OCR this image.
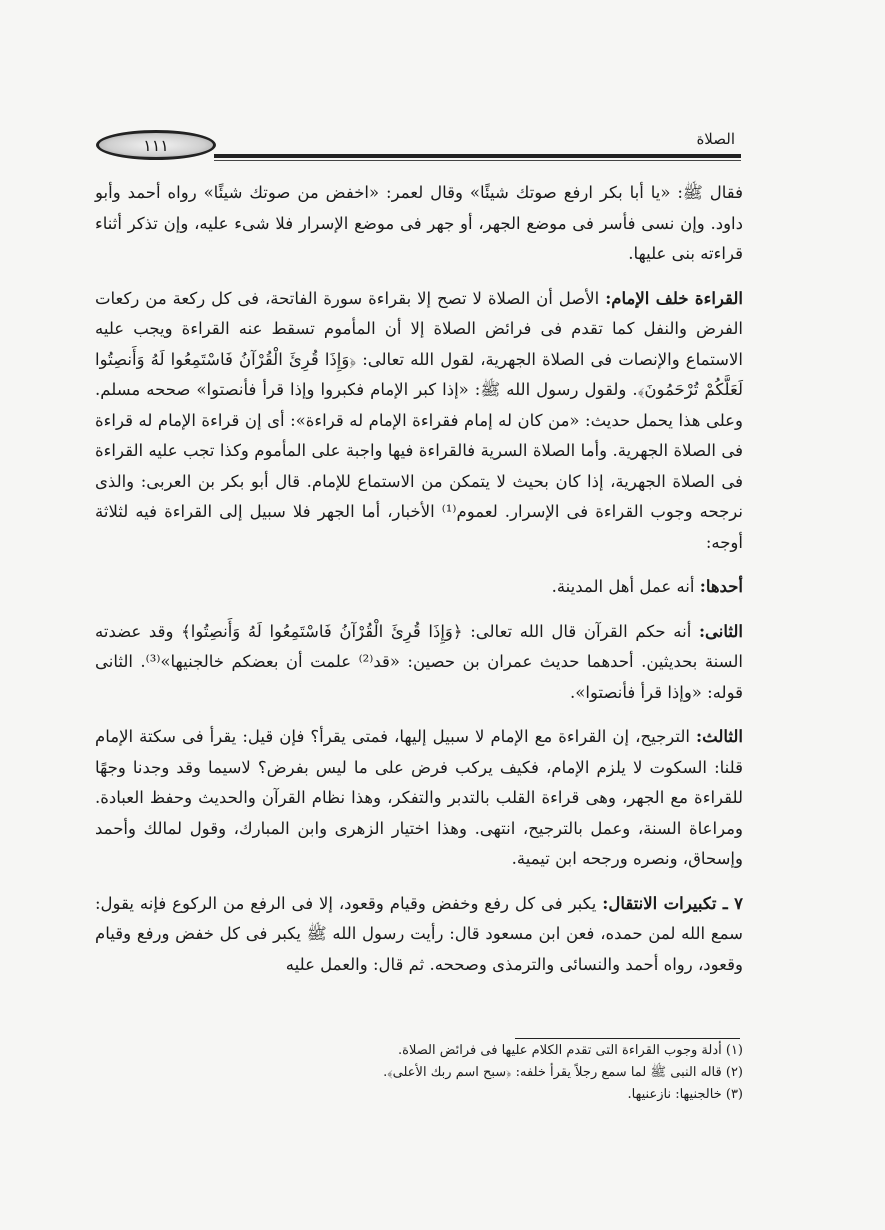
١١١	الصلاة

فقال ﷺ: «يا أبا بكر ارفع صوتك شيئًا» وقال لعمر: «اخفض من صوتك شيئًا» رواه أحمد وأبو داود. وإن نسى فأسر فى موضع الجهر، أو جهر فى موضع الإسرار فلا شىء عليه، وإن تذكر أثناء قراءته بنى عليها.

القراءة خلف الإمام: الأصل أن الصلاة لا تصح إلا بقراءة سورة الفاتحة، فى كل ركعة من ركعات الفرض والنفل كما تقدم فى فرائض الصلاة إلا أن المأموم تسقط عنه القراءة ويجب عليه الاستماع والإنصات فى الصلاة الجهرية، لقول الله تعالى: ﴿وَإِذَا قُرِئَ الْقُرْآنُ فَاسْتَمِعُوا لَهُ وَأَنصِتُوا لَعَلَّكُمْ تُرْحَمُونَ﴾. ولقول رسول الله ﷺ: «إذا كبر الإمام فكبروا وإذا قرأ فأنصتوا» صححه مسلم. وعلى هذا يحمل حديث: «من كان له إمام فقراءة الإمام له قراءة»: أى إن قراءة الإمام له قراءة فى الصلاة الجهرية. وأما الصلاة السرية فالقراءة فيها واجبة على المأموم وكذا تجب عليه القراءة فى الصلاة الجهرية، إذا كان بحيث لا يتمكن من الاستماع للإمام. قال أبو بكر بن العربى: والذى نرجحه وجوب القراءة فى الإسرار. لعموم⁽¹⁾ الأخبار، أما الجهر فلا سبيل إلى القراءة فيه لثلاثة أوجه:

أحدها: أنه عمل أهل المدينة.

الثانى: أنه حكم القرآن قال الله تعالى: ﴿وَإِذَا قُرِئَ الْقُرْآنُ فَاسْتَمِعُوا لَهُ وَأَنصِتُوا﴾ وقد عضدته السنة بحديثين. أحدهما حديث عمران بن حصين: «قد⁽²⁾ علمت أن بعضكم خالجنيها»⁽³⁾. الثانى قوله: «وإذا قرأ فأنصتوا».

الثالث: الترجيح، إن القراءة مع الإمام لا سبيل إليها، فمتى يقرأ؟ فإن قيل: يقرأ فى سكتة الإمام قلنا: السكوت لا يلزم الإمام، فكيف يركب فرض على ما ليس بفرض؟ لاسيما وقد وجدنا وجهًا للقراءة مع الجهر، وهى قراءة القلب بالتدبر والتفكر، وهذا نظام القرآن والحديث وحفظ العبادة. ومراعاة السنة، وعمل بالترجيح، انتهى. وهذا اختيار الزهرى وابن المبارك، وقول لمالك وأحمد وإسحاق، ونصره ورجحه ابن تيمية.

٧ ـ تكبيرات الانتقال: يكبر فى كل رفع وخفض وقيام وقعود، إلا فى الرفع من الركوع فإنه يقول: سمع الله لمن حمده، فعن ابن مسعود قال: رأيت رسول الله ﷺ يكبر فى كل خفض ورفع وقيام وقعود، رواه أحمد والنسائى والترمذى وصححه. ثم قال: والعمل عليه

(١) أدلة وجوب القراءة التى تقدم الكلام عليها فى فرائض الصلاة.
(٢) قاله النبى ﷺ لما سمع رجلاً يقرأ خلفه: ﴿سبح اسم ربك الأعلى﴾.
(٣) خالجنيها: نازعنيها.
